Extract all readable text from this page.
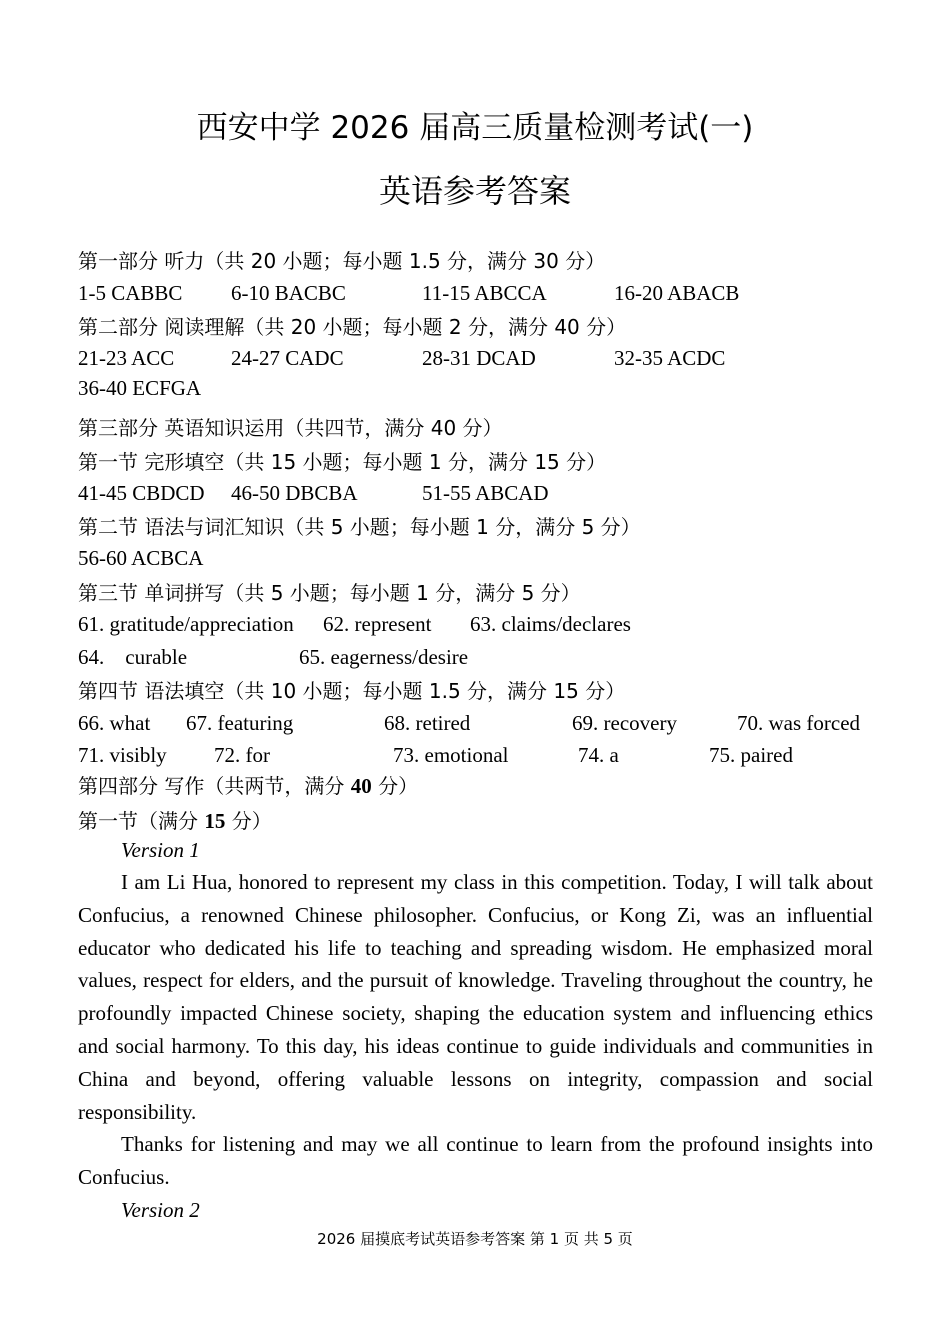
西安中学 2026 届高三质量检测考试(一)
英语参考答案
第一部分 听力（共 20 小题；每小题 1.5 分，满分 30 分）
1-5 CABBC 6-10 BACBC	11-15 ABCCA	16-20 ABACB
第二部分 阅读理解（共 20 小题；每小题 2 分，满分 40 分）
21-23 ACC	24-27 CADC	28-31 DCAD	32-35 ACDC
36-40 ECFGA
第三部分 英语知识运用（共四节，满分 40 分）
第一节 完形填空（共 15 小题；每小题 1 分，满分 15 分）
41-45 CBDCD 46-50 DBCBA	51-55 ABCAD
第二节 语法与词汇知识（共 5 小题；每小题 1 分，满分 5 分）
56-60 ACBCA
第三节 单词拼写（共 5 小题；每小题 1 分，满分 5 分）
61. gratitude/appreciation 62. represent 63. claims/declares
64.    curable	65. eagerness/desire
第四节 语法填空（共 10 小题；每小题 1.5 分，满分 15 分）
66. what 67. featuring	68. retired	69. recovery	70. was forced
71. visibly 72. for	73. emotional	74. a	75. paired
第四部分 写作（共两节，满分 40 分）
第一节（满分 15 分）
Version 1
I am Li Hua, honored to represent my class in this competition. Today, I will talk about Confucius, a renowned Chinese philosopher. Confucius, or Kong Zi, was an influential educator who dedicated his life to teaching and spreading wisdom. He emphasized moral values, respect for elders, and the pursuit of knowledge. Traveling throughout the country, he profoundly impacted Chinese society, shaping the education system and influencing ethics and social harmony. To this day, his ideas continue to guide individuals and communities in China and beyond, offering valuable lessons on integrity, compassion and social responsibility.
Thanks for listening and may we all continue to learn from the profound insights into Confucius.
Version 2
2026 届摸底考试英语参考答案 第 1 页 共 5 页
